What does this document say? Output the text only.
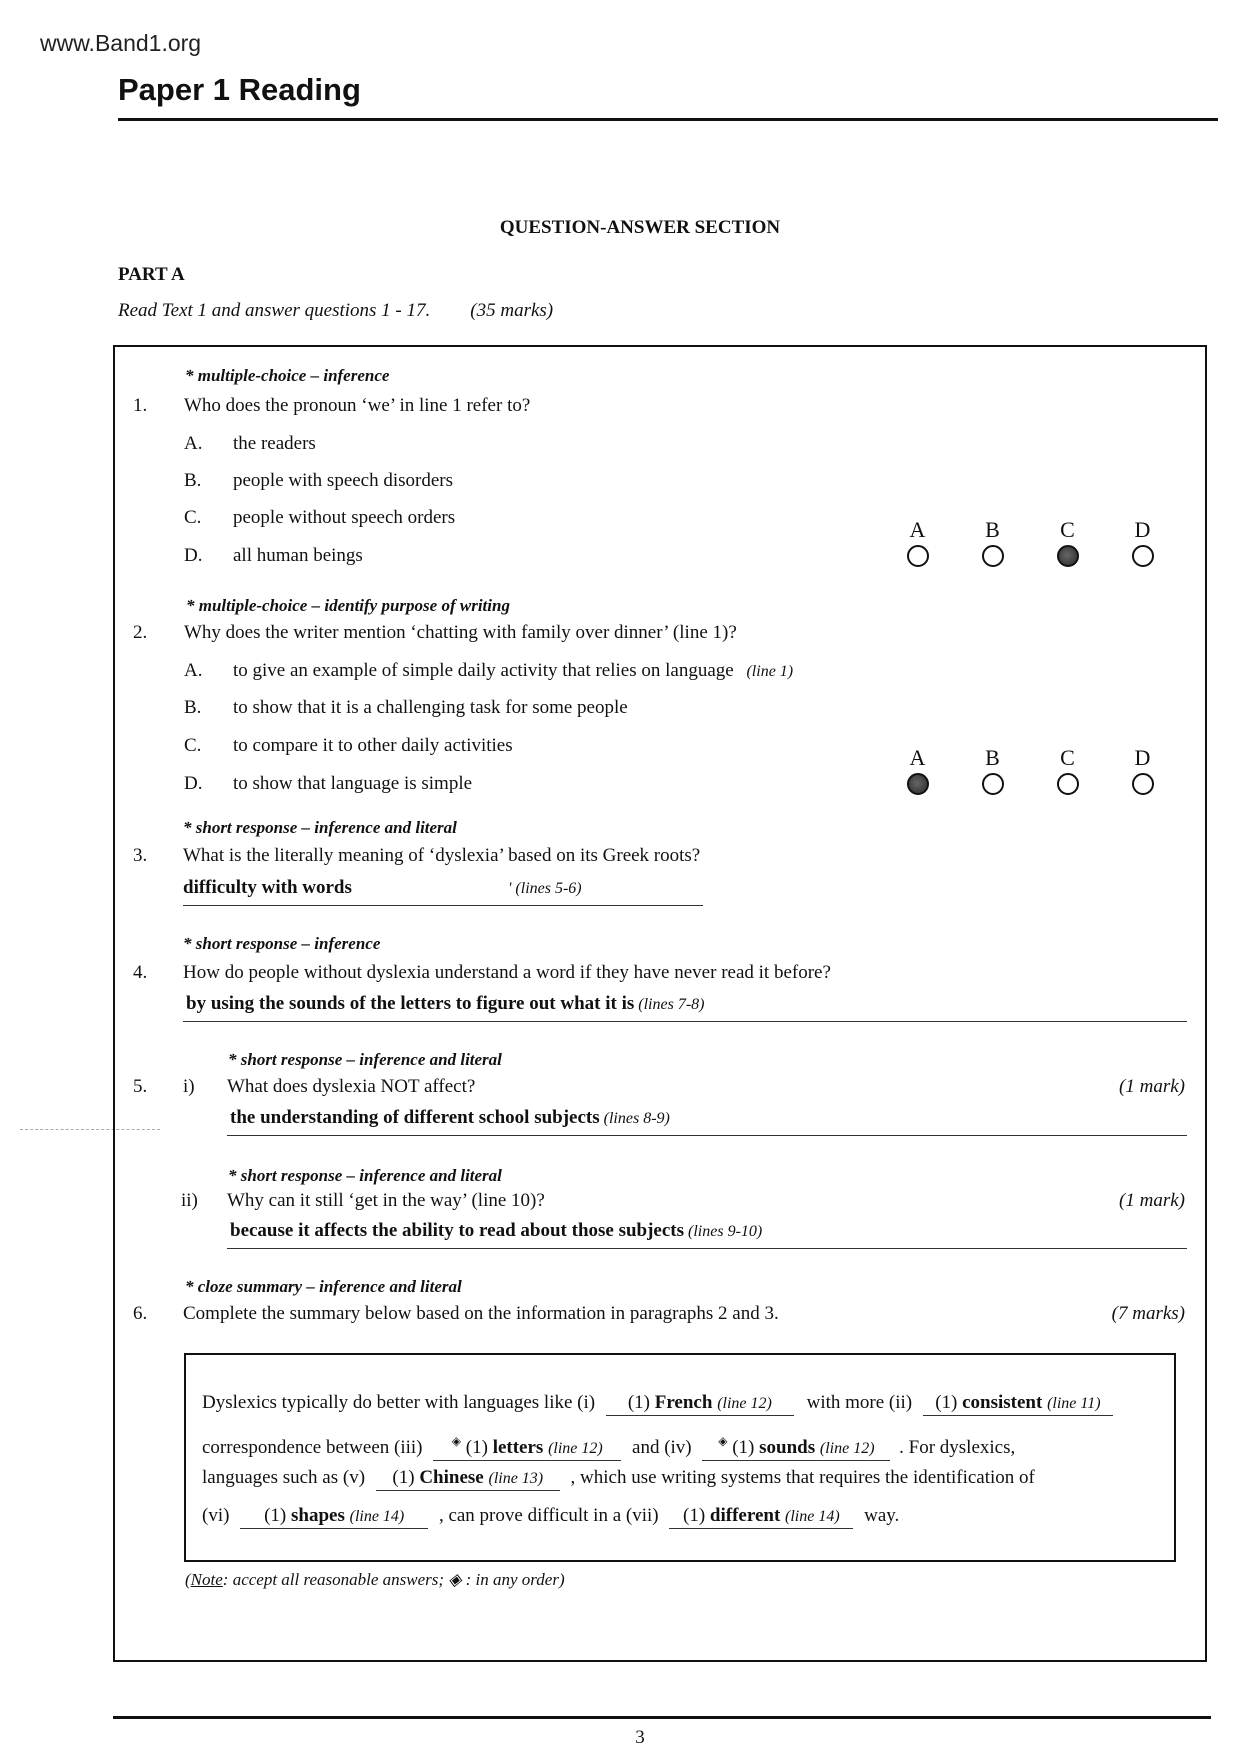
www.Band1.org
Paper 1 Reading
QUESTION-ANSWER SECTION
PART A
Read Text 1 and answer questions 1 - 17. (35 marks)
* multiple-choice – inference
1. Who does the pronoun ‘we’ in line 1 refer to?
A. the readers
B. people with speech disorders
C. people without speech orders
D. all human beings
A	B	C	D
* multiple-choice – identify purpose of writing
2. Why does the writer mention ‘chatting with family over dinner’ (line 1)?
A. to give an example of simple daily activity that relies on language (line 1)
B. to show that it is a challenging task for some people
C. to compare it to other daily activities
D. to show that language is simple
A	B	C	D
* short response – inference and literal
3. What is the literally meaning of ‘dyslexia’ based on its Greek roots?
difficulty with words	' (lines 5-6)
* short response – inference
4. How do people without dyslexia understand a word if they have never read it before?
by using the sounds of the letters to figure out what it is (lines 7-8)
* short response – inference and literal
5. i) What does dyslexia NOT affect?	(1 mark)
the understanding of different school subjects (lines 8-9)
* short response – inference and literal
ii) Why can it still ‘get in the way’ (line 10)?	(1 mark)
because it affects the ability to read about those subjects (lines 9-10)
* cloze summary – inference and literal
6. Complete the summary below based on the information in paragraphs 2 and 3.	(7 marks)
Dyslexics typically do better with languages like (i) (1) French (line 12) with more (ii) (1) consistent (line 11)
correspondence between (iii) ◈ (1) letters (line 12) and (iv) ◈ (1) sounds (line 12) . For dyslexics,
languages such as (v) (1) Chinese (line 13) , which use writing systems that requires the identification of
(vi) (1) shapes (line 14) , can prove difficult in a (vii) (1) different (line 14) way.
(Note: accept all reasonable answers; ◈ : in any order)
3
